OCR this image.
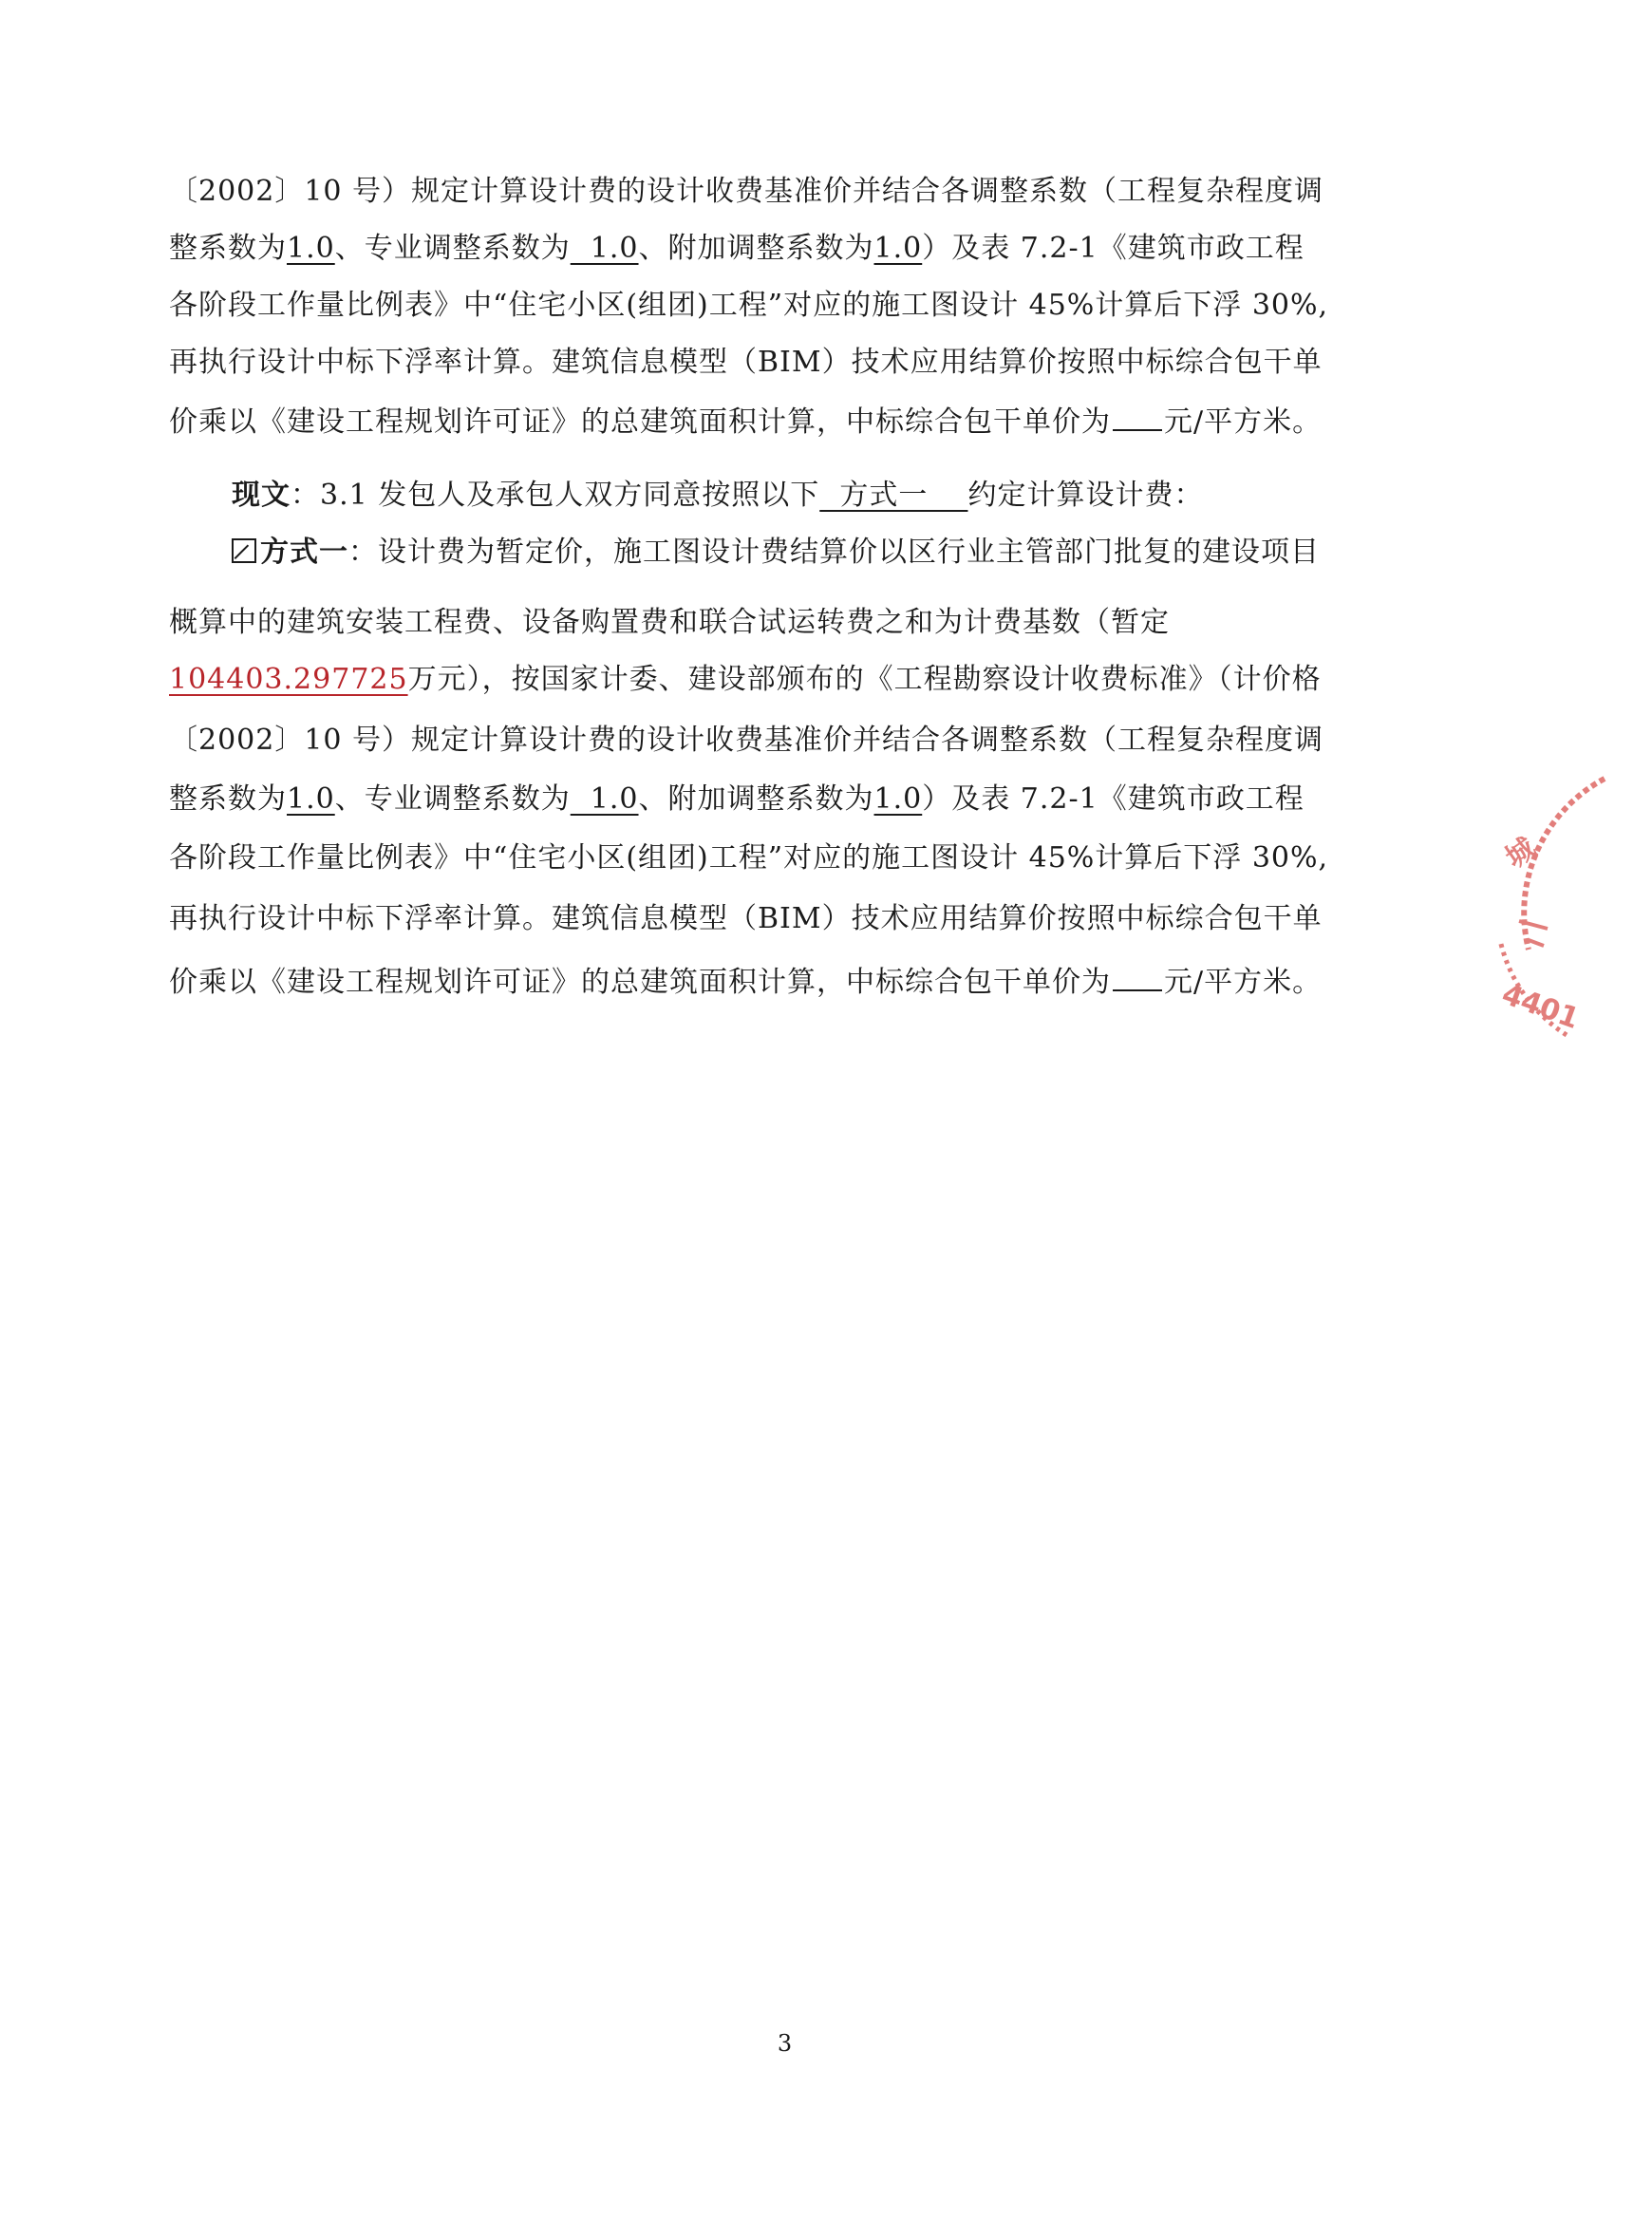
〔2002〕10 号）规定计算设计费的设计收费基准价并结合各调整系数（工程复杂程度调
整系数为1.0、专业调整系数为  1.0、附加调整系数为1.0）及表 7.2-1《建筑市政工程
各阶段工作量比例表》中“住宅小区(组团)工程”对应的施工图设计 45%计算后下浮 30%,
再执行设计中标下浮率计算。建筑信息模型（BIM）技术应用结算价按照中标综合包干单
价乘以《建设工程规划许可证》的总建筑面积计算，中标综合包干单价为 元/平方米。
现文：3.1 发包人及承包人双方同意按照以下  方式一    约定计算设计费：
方式一：设计费为暂定价，施工图设计费结算价以区行业主管部门批复的建设项目
概算中的建筑安装工程费、设备购置费和联合试运转费之和为计费基数（暂定
104403.297725万元），按国家计委、建设部颁布的《工程勘察设计收费标准》（计价格
〔2002〕10 号）规定计算设计费的设计收费基准价并结合各调整系数（工程复杂程度调
整系数为1.0、专业调整系数为  1.0、附加调整系数为1.0）及表 7.2-1《建筑市政工程
各阶段工作量比例表》中“住宅小区(组团)工程”对应的施工图设计 45%计算后下浮 30%,
再执行设计中标下浮率计算。建筑信息模型（BIM）技术应用结算价按照中标综合包干单
价乘以《建设工程规划许可证》的总建筑面积计算，中标综合包干单价为 元/平方米。
城
4401
3
